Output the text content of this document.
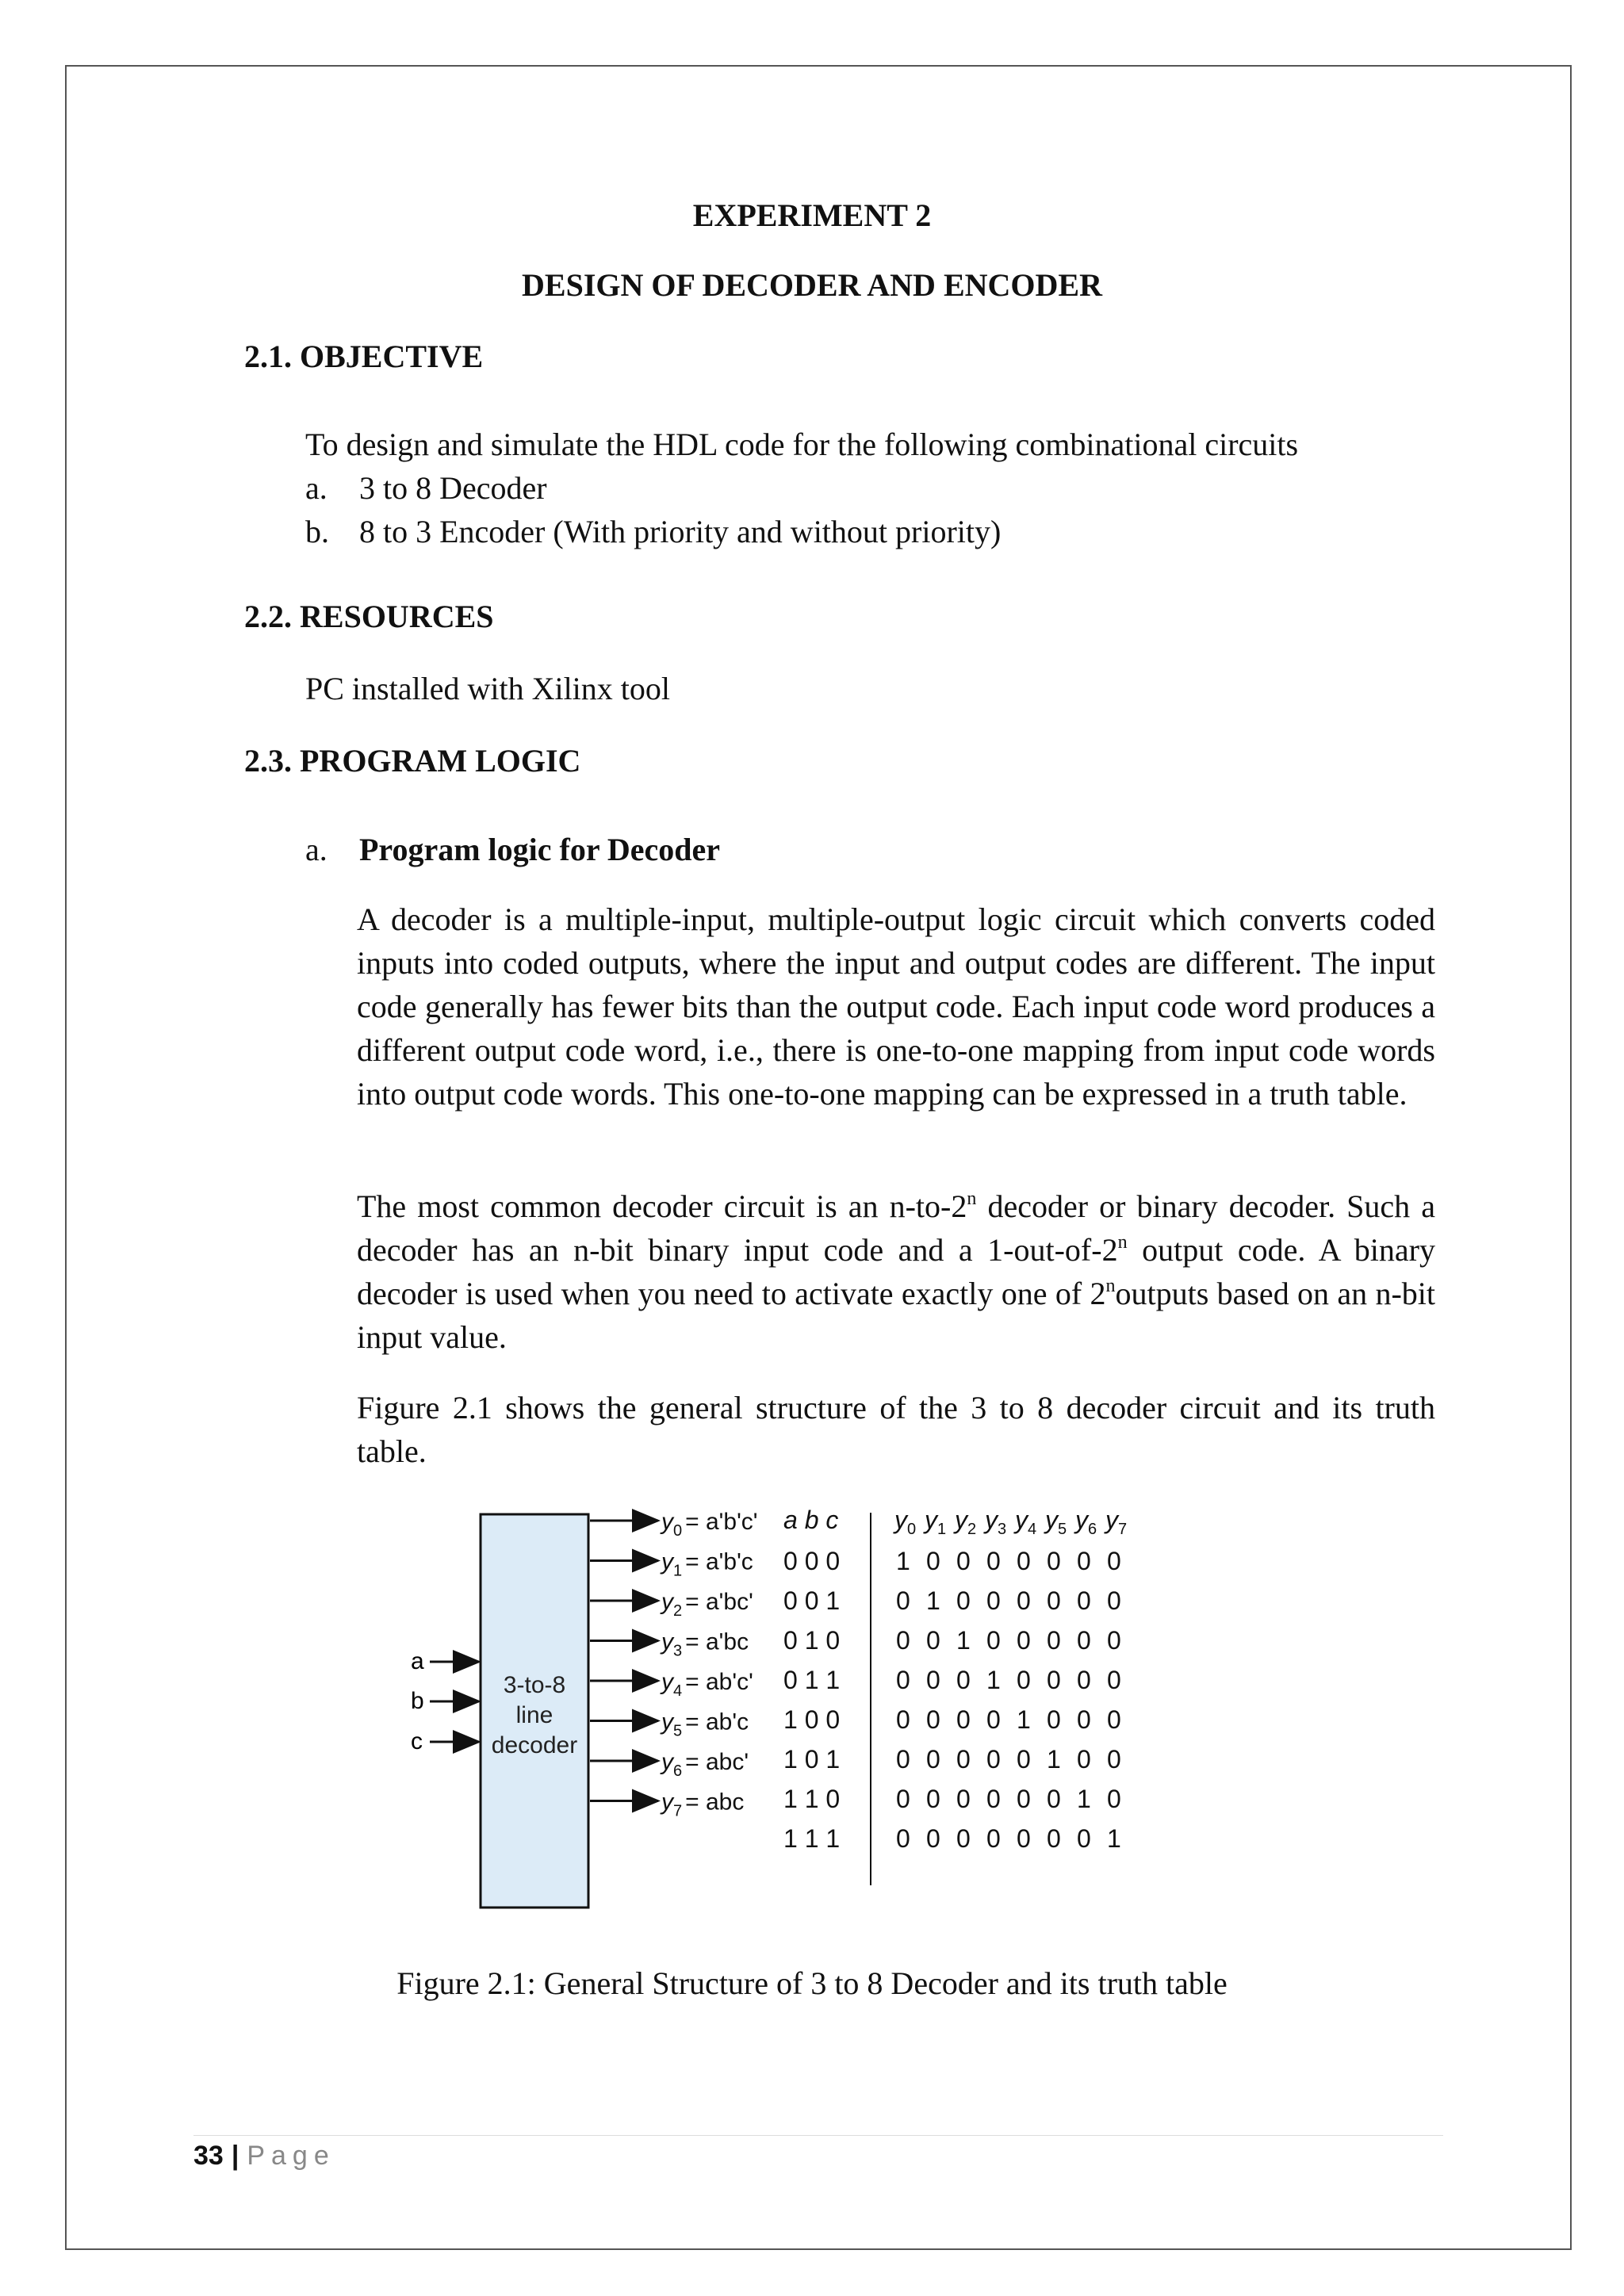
EXPERIMENT 2
DESIGN OF DECODER AND ENCODER
2.1. OBJECTIVE
To design and simulate the HDL code for the following combinational circuits
a. 3 to 8 Decoder
b. 8 to 3 Encoder (With priority and without priority)
2.2. RESOURCES
PC installed with Xilinx tool
2.3. PROGRAM LOGIC
a. Program logic for Decoder
A decoder is a multiple-input, multiple-output logic circuit which converts coded inputs into coded outputs, where the input and output codes are different. The input code generally has fewer bits than the output code. Each input code word produces a different output code word, i.e., there is one-to-one mapping from input code words into output code words. This one-to-one mapping can be expressed in a truth table.
The most common decoder circuit is an n-to-2$^n$ decoder or binary decoder. Such a decoder has an n-bit binary input code and a 1-out-of-2$^n$ output code. A binary decoder is used when you need to activate exactly one of 2$^n$outputs based on an n-bit input value.
Figure 2.1 shows the general structure of the 3 to 8 decoder circuit and its truth table.
3-to-8
line
decoder
a
b
c
$y_0 = a'b'c'$
$y_1 = a'b'c$
$y_2 = a'bc'$
$y_3 = a'bc$
$y_4 = ab'c'$
$y_5 = ab'c$
$y_6 = abc'$
$y_7$ = abc
a b c $y_0$ $y_1$ $y_2$ $y_3$ $y_4$ $y_5$ $y_6$ $y_7$
0 0 0 10000000
0 0 1 01000000
0 1 0 00100000
0 1 1 00010000
1 0 0 00001000
1 0 1 00000100
1 1 0 00000010
1 1 1 00000001
Figure 2.1: General Structure of 3 to 8 Decoder and its truth table
33 | Page
